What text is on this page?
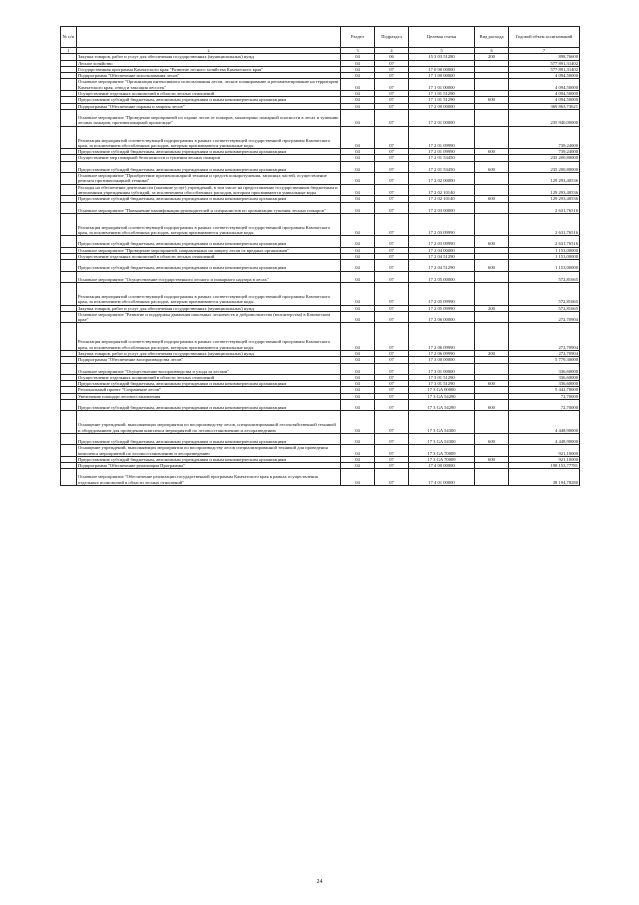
№ п/п		Раздел	Подраздел	Целевая статья	Вид расхода	Годовой объем ассигнований
1	2	3	4	5	6	7
	Закупка товаров, работ и услуг для обеспечения государственных (муниципальных) нужд	04	06	15 3 03 51280	200	898,76600
	Лесное хозяйство	04	07			577 891,31402
	Государственная программа Камчатского края "Развитие лесного хозяйства Камчатского края"	04	07	17 0 00 00000		577 891,31402
	Подпрограмма "Обеспечение использования лесов"	04	07	17 1 00 00000		4 094,50000
	Основное мероприятие "Организация интенсивного использования лесов, лесное планирование и регламентирование на территории Камчатского края, отвод и таксация лесосек"	04	07	17 1 01 00000		4 094,50000
	Осуществление отдельных полномочий в области лесных отношений	04	07	17 1 01 51290		4 094,50000
	Предоставление субсидий бюджетным, автономным учреждениям и иным некоммерческим организациям	04	07	17 1 01 51290	600	4 094,50000
	Подпрограмма "Обеспечение охраны и защиты лесов"	04	07	17 2 00 00000		369 863,73621
	Основное мероприятие "Проведение мероприятий по охране лесов от пожаров, мониторинг пожарной опасности в лесах и тушению лесных пожаров, противопожарной пропаганде"	04	07	17 2 01 00000		235 940,00000
	Реализация мероприятий соответствующей подпрограммы в рамках соответствующей государственной программы Камчатского края, за исключением обособленных расходов, которым присваиваются уникальные коды	04	07	17 2 01 09990		739,24000
	Предоставление субсидий бюджетным, автономным учреждениям и иным некоммерческим организациям	04	07	17 2 01 09990	600	739,24000
	Осуществление мер пожарной безопасности и тушения лесных пожаров	04	07	17 2 01 53450		235 200,80000
	Предоставление субсидий бюджетным, автономным учреждениям и иным некоммерческим организациям	04	07	17 2 01 53450	600	235 200,80000
	Основное мероприятие "Приобретение противопожарной техники и средств пожаротушения, запасных частей, осуществление ремонта противопожарной техники"	04	07	17 2 02 00000		129 293,40536
	Расходы на обеспечение деятельности (оказание услуг) учреждений, в том числе на предоставление государственным бюджетным и автономным учреждениям субсидий, за исключением обособленных расходов, которым присваиваются уникальные коды	04	07	17 2 02 10140		129 293,40536
	Предоставление субсидий бюджетным, автономным учреждениям и иным некоммерческим организациям	04	07	17 2 02 10140	600	129 293,40536
	Основное мероприятие "Повышение квалификации руководителей и специалистов по организации тушения лесных пожаров"	04	07	17 2 03 00000		2 631,76516
	Реализация мероприятий соответствующей подпрограммы в рамках соответствующей государственной программы Камчатского края, за исключением обособленных расходов, которым присваиваются уникальные коды	04	07	17 2 03 09990		2 631,76516
	Предоставление субсидий бюджетным, автономным учреждениям и иным некоммерческим организациям	04	07	17 2 03 09990	600	2 631,76516
	Основное мероприятие "Проведение мероприятий, направленных на защиту лесов от вредных организмов"	04	07	17 2 04 00000		1 153,00000
	Осуществление отдельных полномочий в области лесных отношений	04	07	17 2 04 51290		1 153,00000
	Предоставление субсидий бюджетным, автономным учреждениям и иным некоммерческим организациям	04	07	17 2 04 51290	600	1 153,00000
	Основное мероприятие "Осуществление государственного лесного и пожарного надзора в лесах"	04	07	17 2 05 00000		572,81665
	Реализация мероприятий соответствующей подпрограммы в рамках соответствующей государственной программы Камчатского края, за исключением обособленных расходов, которым присваиваются уникальные коды	04	07	17 2 05 09990		572,81665
	Закупка товаров, работ и услуг для обеспечения государственных (муниципальных) нужд	04	07	17 2 05 09990	200	572,81665
	Основное мероприятие "Развитие и поддержка движения школьных лесничеств и добровольчества (волонтерства) в Камчатском крае"	04	07	17 2 06 00000		272,70904
	Реализация мероприятий соответствующей подпрограммы в рамках соответствующей государственной программы Камчатского края, за исключением обособленных расходов, которым присваиваются уникальные коды	04	07	17 2 06 09990		272,70904
	Закупка товаров, работ и услуг для обеспечения государственных (муниципальных) нужд	04	07	17 2 06 09990	200	272,70904
	Подпрограмма "Обеспечение воспроизводства лесов"	04	07	17 3 00 00000		5 779,30000
	Основное мероприятие "Осуществление воспроизводства и ухода за лесами"	04	07	17 3 01 00000		336,60000
	Осуществление отдельных полномочий в области лесных отношений	04	07	17 3 01 51290		336,60000
	Предоставление субсидий бюджетным, автономным учреждениям и иным некоммерческим организациям	04	07	17 3 01 51290	600	336,60000
	Региональный проект "Сохранение лесов"	04	07	17 3 GA 00000		5 442,70000
	Увеличение площади лесовосстановления	04	07	17 3 GA 54290		72,70000
	Предоставление субсидий бюджетным, автономным учреждениям и иным некоммерческим организациям	04	07	17 3 GA 54290	600	72,70000
	Оснащение учреждений, выполняющих мероприятия по воспроизводству лесов, специализированной лесохозяйственной техникой и оборудованием для проведения комплекса мероприятий по лесовосстановлению и лесоразведению	04	07	17 3 GA 54300		4 448,90000
	Предоставление субсидий бюджетным, автономным учреждениям и иным некоммерческим организациям	04	07	17 3 GA 54300	600	4 448,90000
	Оснащение учреждений, выполняющих мероприятия по воспроизводству лесов специализированной техникой для проведения комплекса мероприятий по лесовосстановлению и лесоразведению	04	07	17 3 GA 70009		921,10000
	Предоставление субсидий бюджетным, автономным учреждениям и иным некоммерческим организациям	04	07	17 3 GA 70009	600	921,10000
	Подпрограмма "Обеспечение реализации Программы"	04	07	17 4 00 00000		198 153,77781
	Основное мероприятие "Обеспечение реализации государственной программы Камчатского края в рамках осуществления отдельных полномочий в области лесных отношений"	04	07	17 4 01 00000		38 194,78280
24
